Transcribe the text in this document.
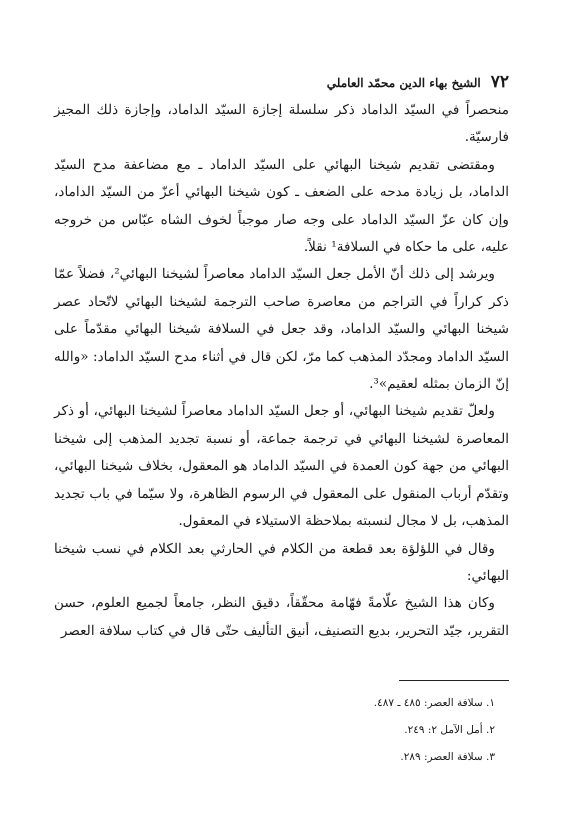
٧٢
الشيخ بهاء الدين محمّد العاملي

منحصراً في السيّد الداماد ذكر سلسلة إجازة السيّد الداماد، وإجازة ذلك المجيز فارسيّة.

ومقتضى تقديم شيخنا البهائي على السيّد الداماد ـ مع مضاعفة مدح السيّد الداماد، بل زيادة مدحه على الضعف ـ كون شيخنا البهائي أعزّ من السيّد الداماد، وإن كان عزّ السيّد الداماد على وجه صار موجباً لخوف الشاه عبّاس من خروجه عليه، على ما حكاه في السلافة¹ نقلاً.

ويرشد إلى ذلك أنّ الأمل جعل السيّد الداماد معاصراً لشيخنا البهائي²، فضلاً عمّا ذكر كراراً في التراجم من معاصرة صاحب الترجمة لشيخنا البهائي لاتّحاد عصر شيخنا البهائي والسيّد الداماد، وقد جعل في السلافة شيخنا البهائي مقدّماً على السيّد الداماد ومجدّد المذهب كما مرّ، لكن قال في أثناء مدح السيّد الداماد: «والله إنّ الزمان بمثله لعقيم»³.

ولعلّ تقديم شيخنا البهائي، أو جعل السيّد الداماد معاصراً لشيخنا البهائي، أو ذكر المعاصرة لشيخنا البهائي في ترجمة جماعة، أو نسبة تجديد المذهب إلى شيخنا البهائي من جهة كون العمدة في السيّد الداماد هو المعقول، بخلاف شيخنا البهائي، وتقدّم أرباب المنقول على المعقول في الرسوم الظاهرة، ولا سيّما في باب تجديد المذهب، بل لا مجال لنسبته بملاحظة الاستيلاء في المعقول.

وقال في اللؤلؤة بعد قطعة من الكلام في الحارثي بعد الكلام في نسب شيخنا البهائي:

وكان هذا الشيخ علّامةً فهّامة محقّقاً، دقيق النظر، جامعاً لجميع العلوم، حسن التقرير، جيّد التحرير، بديع التصنيف، أنيق التأليف حتّى قال في كتاب سلافة العصر

١. سلافة العصر: ٤٨٥ ـ ٤٨٧.

٢. أمل الآمل ٢: ٢٤٩.

٣. سلافة العصر: ٢٨٩.
